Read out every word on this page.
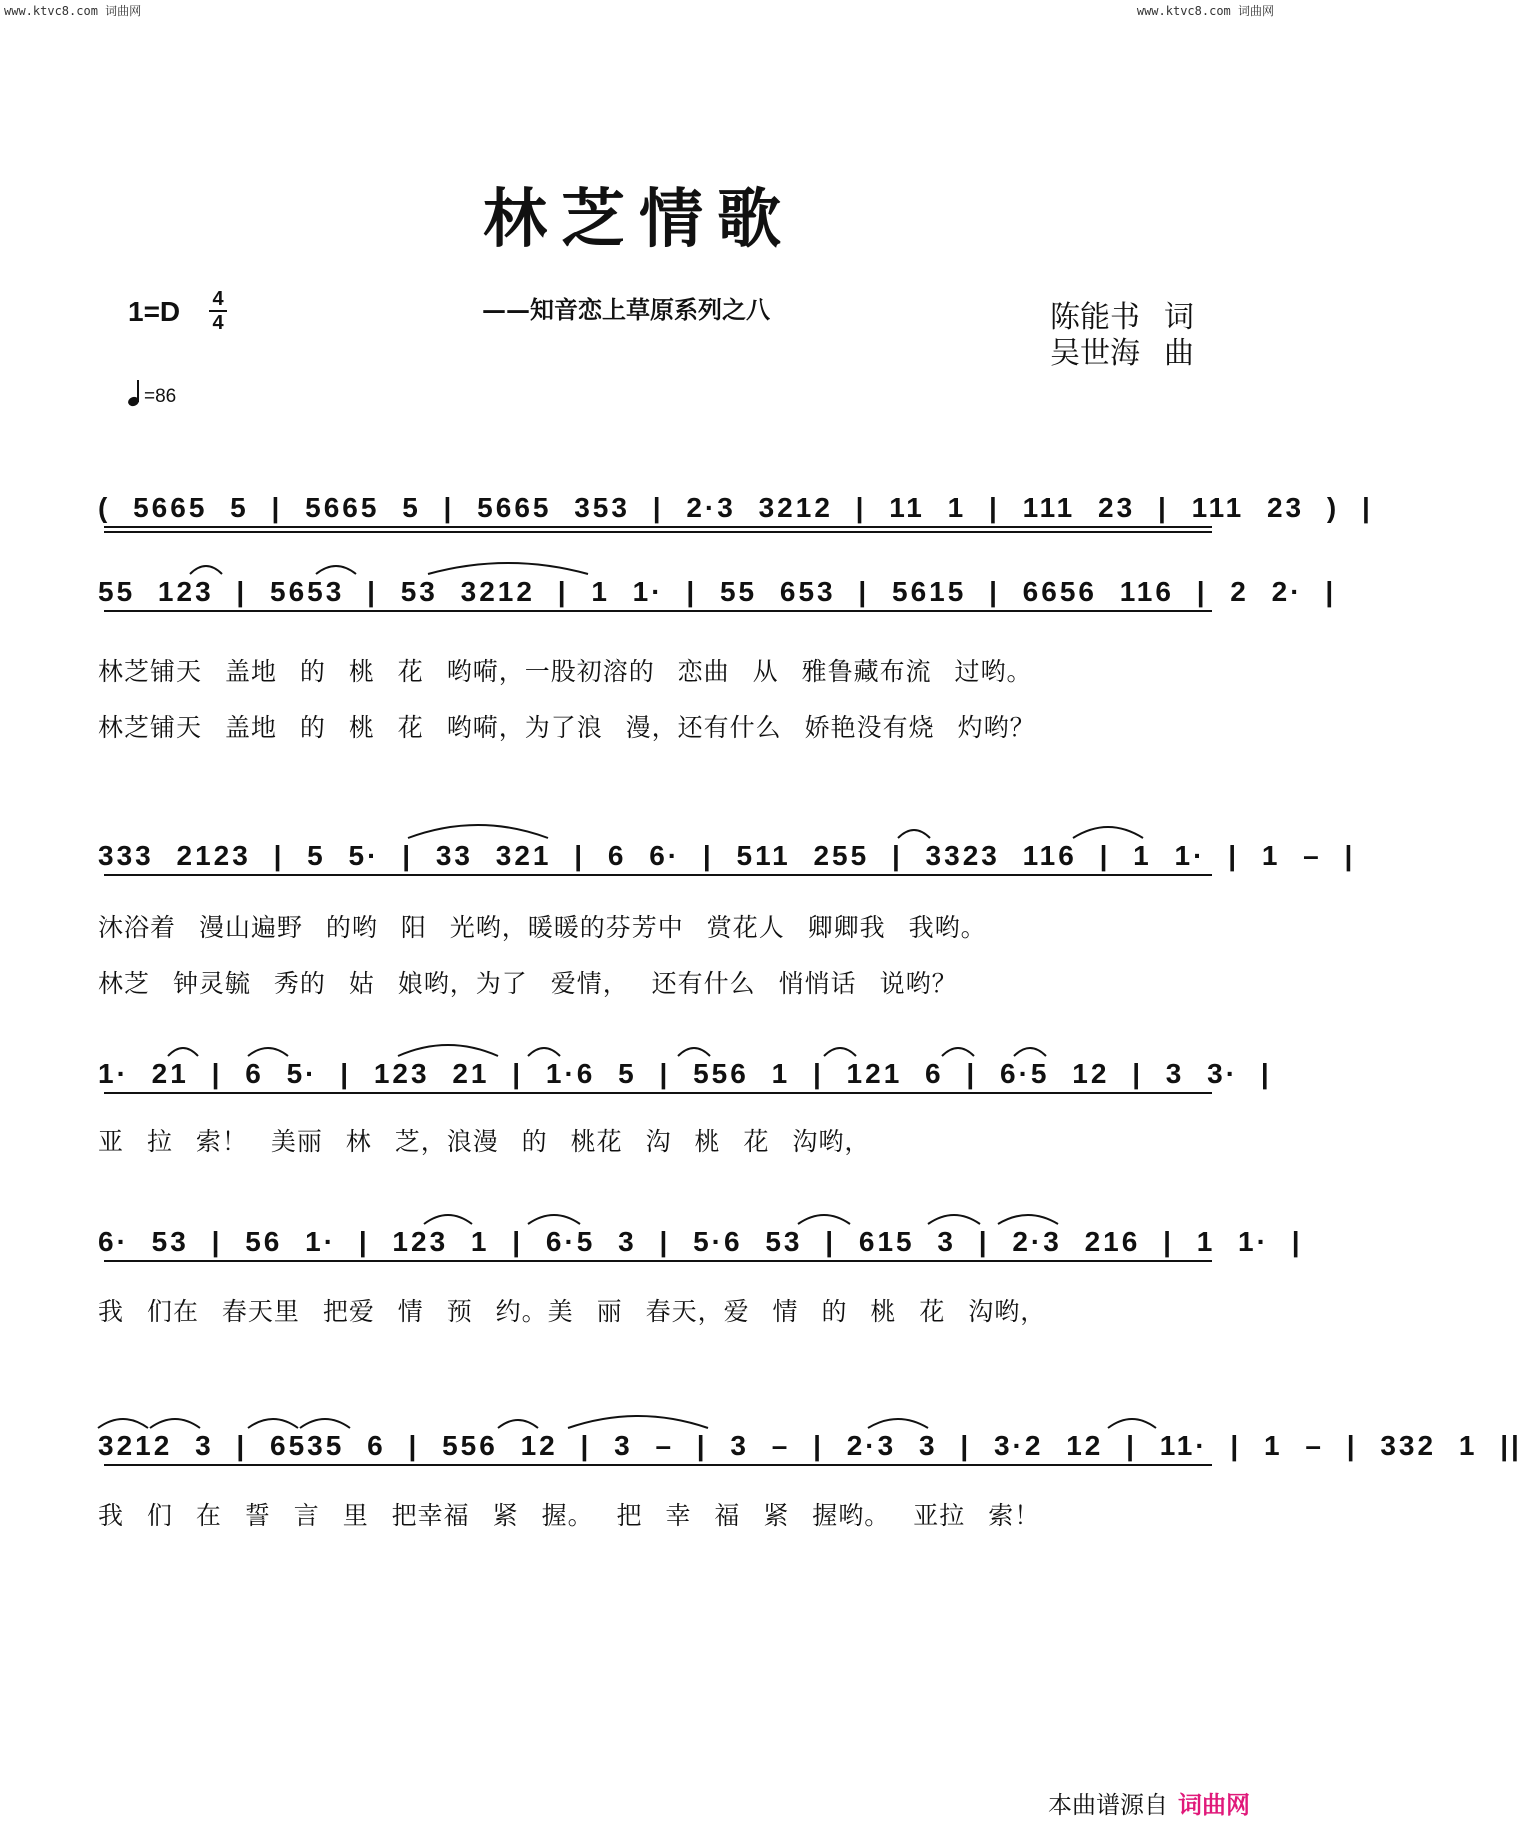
www.ktvc8.com 词曲网	www.ktvc8.com 词曲网
林芝情歌
1=D	4
4
=86
——知音恋上草原系列之八	陈能书 词
吴世海 曲
( 5665 5 | 5665 5 | 5665 353 | 2·3 3212 | 11 1 | 111 23 | 111 23 ) |
55 123 | 5653 | 53 3212 | 1 1· | 55 653 | 5615 | 6656 116 | 2 2· |
林芝铺天 盖地 的 桃 花 哟嗬，一股初溶的 恋曲 从 雅鲁藏布流 过哟。
林芝铺天 盖地 的 桃 花 哟嗬，为了浪 漫，还有什么 娇艳没有烧 灼哟？
333 2123 | 5 5· | 33 321 | 6 6· | 511 255 | 3323 116 | 1 1· | 1 – |
沐浴着 漫山遍野 的哟 阳 光哟，暖暖的芬芳中 赏花人 卿卿我 我哟。
林芝 钟灵毓 秀的 姑 娘哟，为了 爱情， 还有什么 悄悄话 说哟？
1· 21 | 6 5· | 123 21 | 1·6 5 | 556 1 | 121 6 | 6·5 12 | 3 3· |
亚 拉 索！ 美丽 林 芝，浪漫 的 桃花 沟 桃 花 沟哟，
6· 53 | 56 1· | 123 1 | 6·5 3 | 5·6 53 | 615 3 | 2·3 216 | 1 1· |
我 们在 春天里 把爱 情 预 约。美 丽 春天，爱 情 的 桃 花 沟哟，
3212 3 | 6535 6 | 556 12 | 3 – | 3 – | 2·3 3 | 3·2 12 | 11· | 1 – | 332 1 ||
我 们 在 誓 言 里 把幸福 紧 握。 把 幸 福 紧 握哟。 亚拉 索！
本曲谱源自 词曲网
